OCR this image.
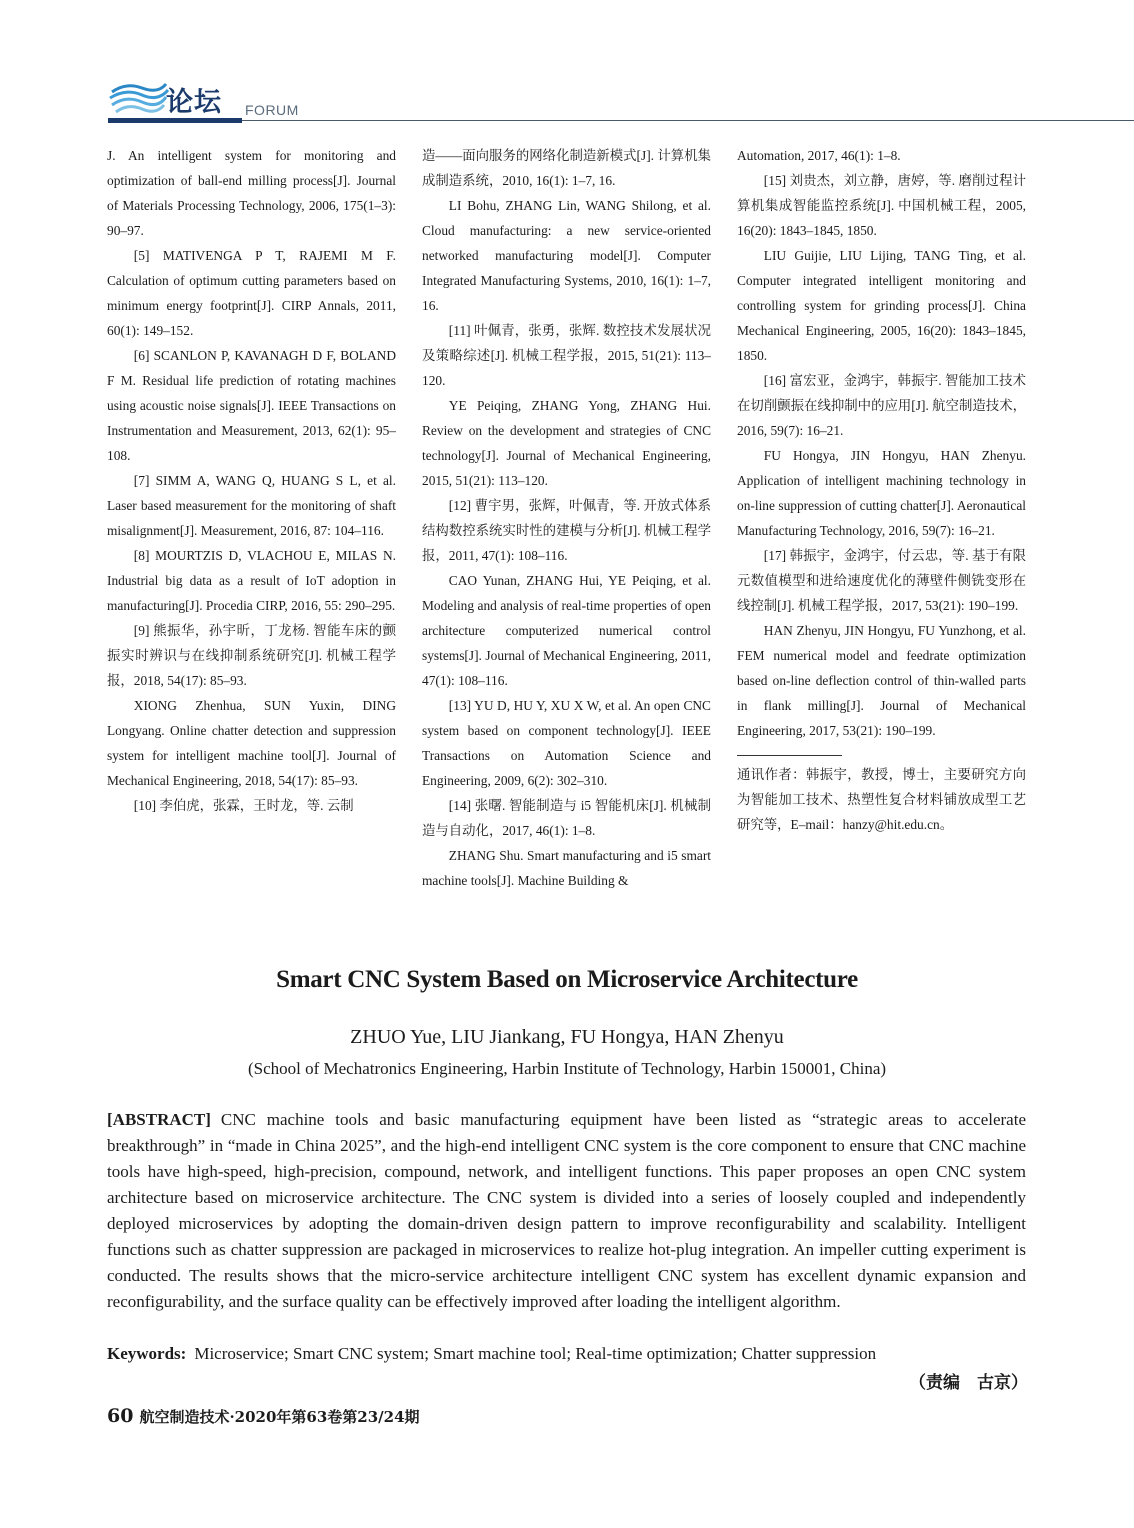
论坛 FORUM

J. An intelligent system for monitoring and optimization of ball-end milling process[J]. Journal of Materials Processing Technology, 2006, 175(1–3): 90–97.

[5] MATIVENGA P T, RAJEMI M F. Calculation of optimum cutting parameters based on minimum energy footprint[J]. CIRP Annals, 2011, 60(1): 149–152.

[6] SCANLON P, KAVANAGH D F, BOLAND F M. Residual life prediction of rotating machines using acoustic noise signals[J]. IEEE Transactions on Instrumentation and Measurement, 2013, 62(1): 95–108.

[7] SIMM A, WANG Q, HUANG S L, et al. Laser based measurement for the monitoring of shaft misalignment[J]. Measurement, 2016, 87: 104–116.

[8] MOURTZIS D, VLACHOU E, MILAS N. Industrial big data as a result of IoT adoption in manufacturing[J]. Procedia CIRP, 2016, 55: 290–295.

[9] 熊振华，孙宇昕，丁龙杨. 智能车床的颤振实时辨识与在线抑制系统研究[J]. 机械工程学报，2018, 54(17): 85–93.

XIONG Zhenhua, SUN Yuxin, DING Longyang. Online chatter detection and suppression system for intelligent machine tool[J]. Journal of Mechanical Engineering, 2018, 54(17): 85–93.

[10] 李伯虎，张霖，王时龙，等. 云制

造——面向服务的网络化制造新模式[J]. 计算机集成制造系统，2010, 16(1): 1–7, 16.

LI Bohu, ZHANG Lin, WANG Shilong, et al. Cloud manufacturing: a new service-oriented networked manufacturing model[J]. Computer Integrated Manufacturing Systems, 2010, 16(1): 1–7, 16.

[11] 叶佩青，张勇，张辉. 数控技术发展状况及策略综述[J]. 机械工程学报，2015, 51(21): 113–120.

YE Peiqing, ZHANG Yong, ZHANG Hui. Review on the development and strategies of CNC technology[J]. Journal of Mechanical Engineering, 2015, 51(21): 113–120.

[12] 曹宇男，张辉，叶佩青，等. 开放式体系结构数控系统实时性的建模与分析[J]. 机械工程学报，2011, 47(1): 108–116.

CAO Yunan, ZHANG Hui, YE Peiqing, et al. Modeling and analysis of real-time properties of open architecture computerized numerical control systems[J]. Journal of Mechanical Engineering, 2011, 47(1): 108–116.

[13] YU D, HU Y, XU X W, et al. An open CNC system based on component technology[J]. IEEE Transactions on Automation Science and Engineering, 2009, 6(2): 302–310.

[14] 张曙. 智能制造与 i5 智能机床[J]. 机械制造与自动化，2017, 46(1): 1–8.

ZHANG Shu. Smart manufacturing and i5 smart machine tools[J]. Machine Building &

Automation, 2017, 46(1): 1–8.

[15] 刘贵杰，刘立静，唐婷，等. 磨削过程计算机集成智能监控系统[J]. 中国机械工程，2005, 16(20): 1843–1845, 1850.

LIU Guijie, LIU Lijing, TANG Ting, et al. Computer integrated intelligent monitoring and controlling system for grinding process[J]. China Mechanical Engineering, 2005, 16(20): 1843–1845, 1850.

[16] 富宏亚，金鸿宇，韩振宇. 智能加工技术在切削颤振在线抑制中的应用[J]. 航空制造技术，2016, 59(7): 16–21.

FU Hongya, JIN Hongyu, HAN Zhenyu. Application of intelligent machining technology in on-line suppression of cutting chatter[J]. Aeronautical Manufacturing Technology, 2016, 59(7): 16–21.

[17] 韩振宇，金鸿宇，付云忠，等. 基于有限元数值模型和进给速度优化的薄壁件侧铣变形在线控制[J]. 机械工程学报，2017, 53(21): 190–199.

HAN Zhenyu, JIN Hongyu, FU Yunzhong, et al. FEM numerical model and feedrate optimization based on-line deflection control of thin-walled parts in flank milling[J]. Journal of Mechanical Engineering, 2017, 53(21): 190–199.

通讯作者：韩振宇，教授，博士，主要研究方向为智能加工技术、热塑性复合材料铺放成型工艺研究等，E–mail：hanzy@hit.edu.cn。

Smart CNC System Based on Microservice Architecture
ZHUO Yue, LIU Jiankang, FU Hongya, HAN Zhenyu
(School of Mechatronics Engineering, Harbin Institute of Technology, Harbin 150001, China)

[ABSTRACT] CNC machine tools and basic manufacturing equipment have been listed as “strategic areas to accelerate breakthrough” in “made in China 2025”, and the high-end intelligent CNC system is the core component to ensure that CNC machine tools have high-speed, high-precision, compound, network, and intelligent functions. This paper proposes an open CNC system architecture based on microservice architecture. The CNC system is divided into a series of loosely coupled and independently deployed microservices by adopting the domain-driven design pattern to improve reconfigurability and scalability. Intelligent functions such as chatter suppression are packaged in microservices to realize hot-plug integration. An impeller cutting experiment is conducted. The results shows that the micro-service architecture intelligent CNC system has excellent dynamic expansion and reconfigurability, and the surface quality can be effectively improved after loading the intelligent algorithm.

Keywords: Microservice; Smart CNC system; Smart machine tool; Real-time optimization; Chatter suppression
（责编　古京）
60 航空制造技术·2020年第63卷第23/24期
